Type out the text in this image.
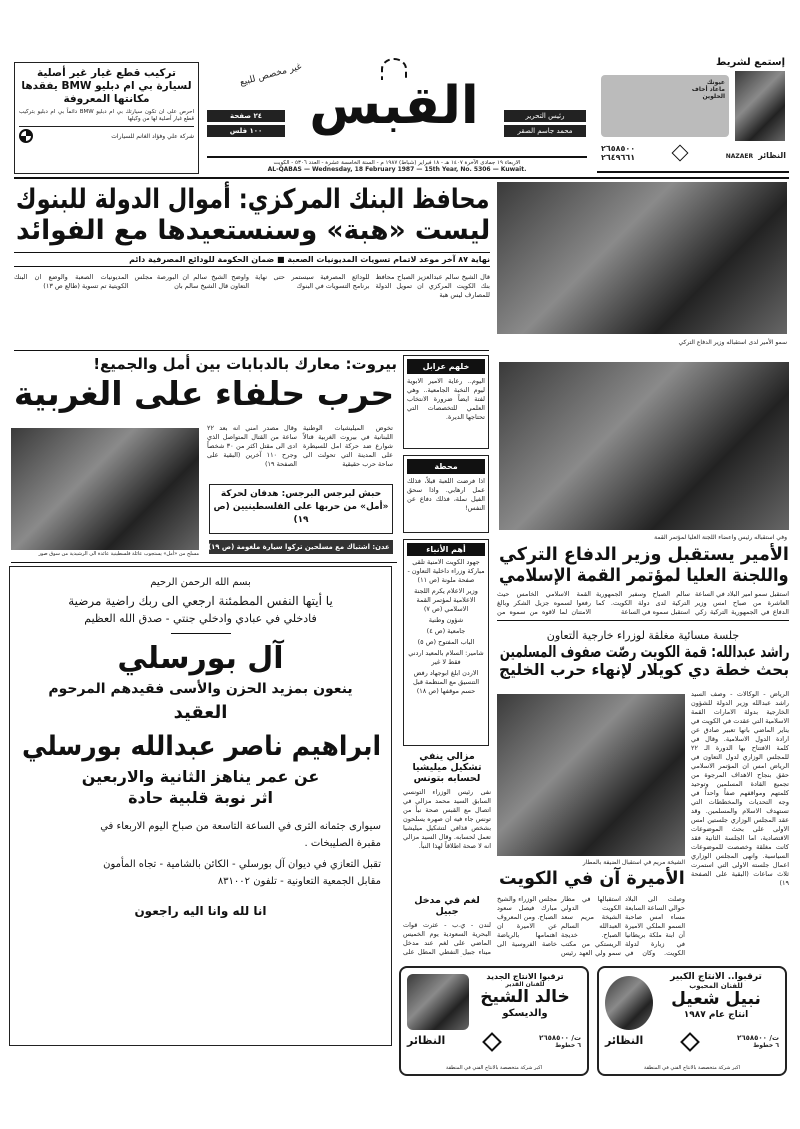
تركيب قطع غيار غير أصلية لسيارة بي ام دبليو BMW يفقدها مكانتها المعروفة
احرص على ان تكون سيارتك بي ام دبليو BMW دائماً بي ام دبليو بتركيب قطع غيار أصلية لها من وكيلها
شركة علي وفؤاد الغانم للسيارات
٢٤ صفحة
١٠٠ فلس القبس
غير مخصص للبيع
رئيس التحرير
محمد جاسم الصقر
الاربعاء ١٩ جمادى الآخرة ١٤٠٧ هـ - ١٨ فبراير (شباط) ١٩٨٧ م - السنة الخامسة عشرة - العدد ٥٣٠٦ - الكويت
AL-QABAS — Wednesday, 18 February 1987 — 15th Year, No. 5306 — Kuwait.
إستمع لشريط
عيونك
ماعاد أخاف
الحلوين
النظائر NAZAER
٢٦٥٨٥٠٠
٢٦٤٩٦٦١
محافظ البنك المركزي: أموال الدولة للبنوك
ليست «هبة» وسنستعيدها مع الفوائد
نهاية ٨٧ آخر موعد لاتمام تسويات المديونيات الصعبة ■ ضمان الحكومة للودائع المصرفية دائم
قال الشيخ سالم عبدالعزيز الصباح محافظ بنك الكويت المركزي ان تمويل الدولة للمصارف ليس هبة
للودائع المصرفية سيستمر حتى نهاية برنامج التسويات في البنوك
واوضح الشيخ سالم ان البورصة مجلس التعاون قال الشيخ سالم بان
المديونيات الصعبة والوضع ان البنك الكويتية تم تسوية (طالع ص ١٣)
سمو الأمير لدى استقباله وزير الدفاع التركي
بيروت: معارك بالدبابات بين أمل والجميع!
حرب حلفاء على الغربية
مسلح من «أمل» يستجوب عائلة فلسطينية عائدة الى الرشيدية من سوق صور
تخوض الميليشيات الوطنية اللبنانية في بيروت الغربية قتالاً شوارع ضد حركة امل للسيطرة على المدينة التي تحولت الى ساحة حرب حقيقية
وقال مصدر امني انه بعد ٢٢ ساعة من القتال المتواصل الذي ادى الى مقتل اكثر من ٣٠ شخصاً وجرح ١١٠ آخرين (البقية على الصفحة ١٩)
حبش لبرجس البرجس: هدفان لحركة «أمل» من حربها على الفلسطينيين (ص ١٩)
عدن: اشتباك مع مسلحين تركوا سيارة ملغومة (ص ١٩)
خلهم عرابل
اليوم.. رعاية الامير الابوية ليوم النخبة الجامعية.. وهي لفتة ايضاً ضرورة الانتخاب العلمي للتخصصات التي تحتاجها الديرة.
محطة
اذا فرضت اللعبة قبلاً، فذلك عمل ارهابي. واذا سحق الفيل نملة، فذلك دفاع عن النفس!
أهم الأنباء
جهود الكويت الامنية تلقى مباركة وزراء داخلية التعاون - صفحة ملونة (ص ١١)
وزير الاعلام يكرم اللجنة الاعلامية لمؤتمر القمة الاسلامي (ص ٧)
شؤون وطنية
جامعية (ص ٤)
الباب المفتوح (ص ٥)
شامير: السلام بالمعيد اردني فقط لا غير
الاردن ابلغ ابوجهاد رفض التنسيق مع المنظمة قبل حسم موقفها (ص ١٨)
مزالي ينفي تشكيل ميليشيا لحسابه بتونس
نفى رئيس الوزراء التونسي السابق السيد محمد مزالي في اتصال مع القبس صحة نبأ من تونس جاء فيه ان صهره يسلحون بشخص قذافي لتشكيل ميليشيا تعمل لحسابه. وقال السيد مزالي انه لا صحة اطلاقاً لهذا النبأ.
لغم في مدخل جبيل
لندن - ي.ب - عثرت قوات البحرية السعودية يوم الخميس الماضي على لغم عند مدخل ميناء جبيل النفطي المطل على
وفي استقباله رئيس واعضاء اللجنة العليا لمؤتمر القمة
الأمير يستقبل وزير الدفاع التركي
واللجنة العليا لمؤتمر القمة الإسلامي
استقبل سمو امير البلاد في الساعة العاشرة من صباح امس وزير الدفاع في الجمهورية التركية زكي
سالم الصباح وسفير الجمهورية التركية لدى دولة الكويت. كما استقبل سموه في الساعة
القمة الاسلامي الخامس حيث رفعوا لسموه جزيل الشكر وبالغ الامتنان لما لاقوه من سموه من
جلسة مسائية مغلقة لوزراء خارجية التعاون
راشد عبدالله: قمة الكويت رصّت صفوف المسلمين
بحث خطة دي كويلار لإنهاء حرب الخليج
الرياض - الوكالات - وصف السيد راشد عبدالله وزير الدولة للشؤون الخارجية بدولة الامارات القمة الاسلامية التي عقدت في الكويت في يناير الماضي بانها تعبير صادق عن ارادة الدول الاسلامية. وقال في كلمة الافتتاح بها الدورة الـ ٢٢ للمجلس الوزاري لدول التعاون في الرياض امس ان المؤتمر الاسلامي حقق بنجاح الاهداف المرجوة من تجميع القادة المسلمين وتوحيد كلمتهم ومواقفهم صفاً واحداً في وجه التحديات والمخططات التي تستهدف الاسلام والمسلمين. وقد عقد المجلس الوزاري جلستين امس الاولى على بحث الموضوعات الاقتصادية، اما الجلسة الثانية فقد كانت مغلقة وخصصت للموضوعات السياسية. وانهى المجلس الوزاري اعمال جلسته الاولى التي استمرت ثلاث ساعات (البقية على الصفحة ١٩)
الشيخة مريم في استقبال الضيفة بالمطار
الأميرة آن في الكويت
وصلت الى البلاد حوالي الساعة السابعة مساء امس صاحبة السمو الملكي الاميرة آن ابنة ملكة بريطانيا في زيارة لدولة الكويت. وكان في استقبالها في مطار الكويت الدولي الشيخة مريم سعد العبدالله السالم الصباح. خديجة الريستكي من مكتب سمو ولي العهد رئيس مجلس الوزراء والشيخ مبارك فيصل سعود الصباح. ومن المعروف عن الاميرة ان اهتمامها بالرياضة خاصة الفروسية الى
بسم الله الرحمن الرحيم
يا أيتها النفس المطمئنة ارجعي الى ربك راضية مرضية
فادخلي في عبادي وادخلي جنتي - صدق الله العظيم
آل بورسلي
ينعون بمزيد الحزن والأسى فقيدهم المرحوم
العقيد
ابراهيم ناصر عبدالله بورسلي
عن عمر يناهز الثانية والاربعين
اثر نوبة قلبية حادة
سيوارى جثمانه الثرى في الساعة التاسعة من صباح اليوم الاربعاء في
مقبرة الصليبخات .
تقبل التعازي في ديوان آل بورسلي - الكائن بالشامية - تجاه المأمون
مقابل الجمعية التعاونية - تلفون ٨٣١٠٠٢
انا لله وانا اليه راجعون
ترقبوا الانتاج الجديد
للفنان القدير
خالد الشيخ
والديسكو
ت/ ٢٦٥٨٥٠٠
٦ خطوط
النظائر
اكبر شركة متخصصة بالانتاج الفني في المنطقة
ترقبوا.. الانتاج الكبير
للفنان المحبوب
نبيل شعيل
انتاج عام ١٩٨٧
ت/ ٢٦٥٨٥٠٠
٦ خطوط
النظائر
اكبر شركة متخصصة بالانتاج الفني في المنطقة
